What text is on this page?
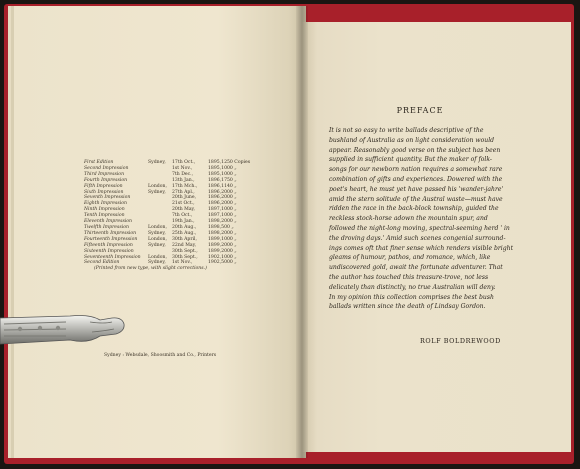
First Edition	Sydney,	17th Oct.,	1895, 1250 Copies
Second Impression	1st Nov.,	1895, 1000 „
Third Impression	7th Dec.,	1895, 1000 „
Fourth Impression	13th Jan.,	1896, 1750 „
Fifth Impression	London,	17th Mch.,	1896, 1140 „
Sixth Impression	Sydney,	27th Apl.,	1896, 2000 „
Seventh Impression	20th June,	1896, 2000 „
Eighth Impression	21st Oct.,	1896, 2000 „
Ninth Impression	20th May,	1897, 1000 „
Tenth Impression	7th Oct.,	1897, 1000 „
Eleventh Impression	19th Jan.,	1898, 2000 „
Twelfth Impression	London,	20th Aug.,	1898, 500 „
Thirteenth Impression	Sydney,	25th Aug.,	1898, 2000 „
Fourteenth Impression	London,	30th April,	1899, 1000 „
Fifteenth Impression	Sydney,	22nd May,	1899, 2000 „
Sixteenth Impression	30th Sept.,	1899, 2000 „
Seventeenth Impression	London,	30th Sept.,	1902, 1000 „
Second Edition	Sydney,	1st Nov.,	1902, 5000 „
(Printed from new type, with slight corrections.)
Sydney : Websdale, Shoosmith and Co., Printers
PREFACE
It is not so easy to write ballads descriptive of the
bushland of Australia as on light consideration would
appear. Reasonably good verse on the subject has been
supplied in sufficient quantity. But the maker of folk-
songs for our newborn nation requires a somewhat rare
combination of gifts and experiences. Dowered with the
poet's heart, he must yet have passed his 'wander-jahre'
amid the stern solitude of the Austral waste—must have
ridden the race in the back-block township, guided the
reckless stock-horse adown the mountain spur, and
followed the night-long moving, spectral-seeming herd ' in
the droving days.' Amid such scenes congenial surround-
ings comes oft that finer sense which renders visible bright
gleams of humour, pathos, and romance, which, like
undiscovered gold, await the fortunate adventurer. That
the author has touched this treasure-trove, not less
delicately than distinctly, no true Australian will deny.
In my opinion this collection comprises the best bush
ballads written since the death of Lindsay Gordon.
ROLF BOLDREWOOD
